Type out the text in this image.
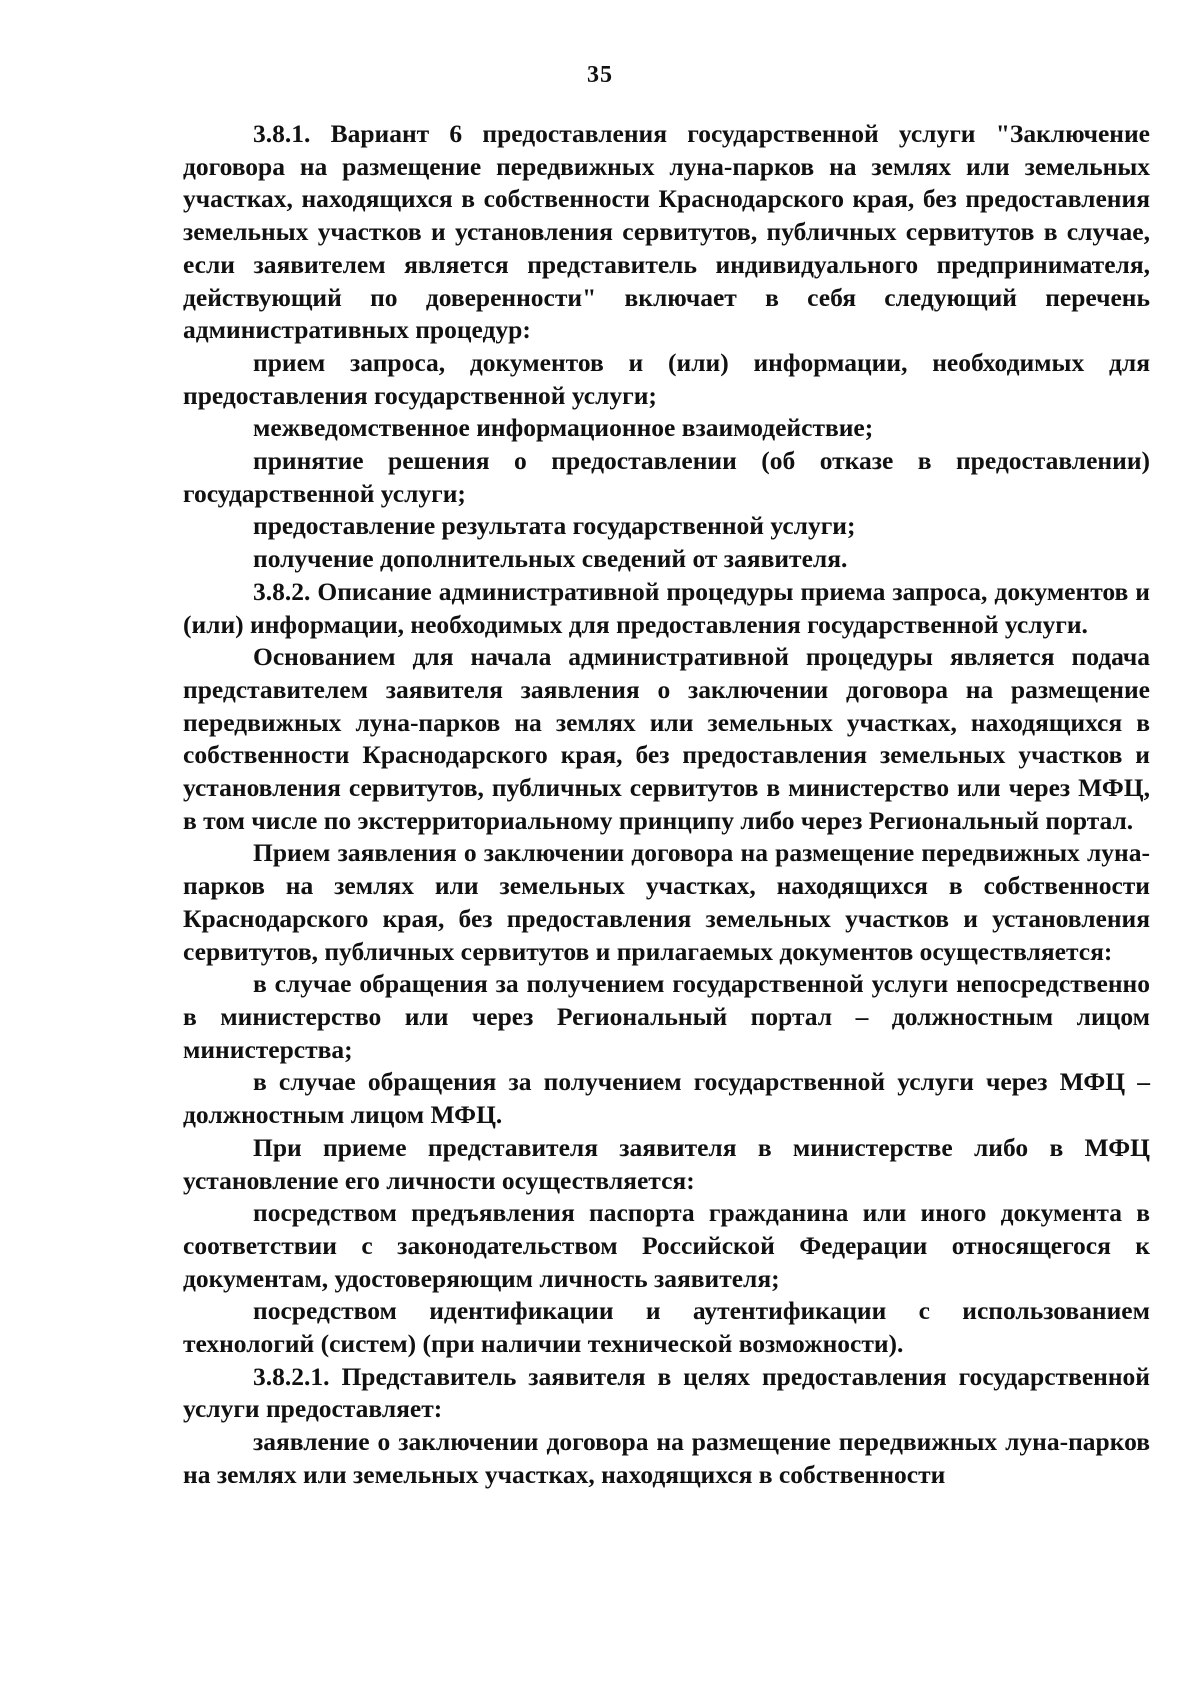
35

3.8.1. Вариант 6 предоставления государственной услуги "Заключение договора на размещение передвижных луна-парков на землях или земельных участках, находящихся в собственности Краснодарского края, без предоставления земельных участков и установления сервитутов, публичных сервитутов в случае, если заявителем является представитель индивидуального предпринимателя, действующий по доверенности" включает в себя следующий перечень административных процедур:

прием запроса, документов и (или) информации, необходимых для предоставления государственной услуги;

межведомственное информационное взаимодействие;

принятие решения о предоставлении (об отказе в предоставлении) государственной услуги;

предоставление результата государственной услуги;

получение дополнительных сведений от заявителя.

3.8.2. Описание административной процедуры приема запроса, документов и (или) информации, необходимых для предоставления государственной услуги.

Основанием для начала административной процедуры является подача представителем заявителя заявления о заключении договора на размещение передвижных луна-парков на землях или земельных участках, находящихся в собственности Краснодарского края, без предоставления земельных участков и установления сервитутов, публичных сервитутов в министерство или через МФЦ, в том числе по экстерриториальному принципу либо через Региональный портал.

Прием заявления о заключении договора на размещение передвижных луна-парков на землях или земельных участках, находящихся в собственности Краснодарского края, без предоставления земельных участков и установления сервитутов, публичных сервитутов и прилагаемых документов осуществляется:

в случае обращения за получением государственной услуги непосредственно в министерство или через Региональный портал – должностным лицом министерства;

в случае обращения за получением государственной услуги через МФЦ – должностным лицом МФЦ.

При приеме представителя заявителя в министерстве либо в МФЦ установление его личности осуществляется:

посредством предъявления паспорта гражданина или иного документа в соответствии с законодательством Российской Федерации относящегося к документам, удостоверяющим личность заявителя;

посредством идентификации и аутентификации с использованием технологий (систем) (при наличии технической возможности).

3.8.2.1. Представитель заявителя в целях предоставления государственной услуги предоставляет:

заявление о заключении договора на размещение передвижных луна-парков на землях или земельных участках, находящихся в собственности
